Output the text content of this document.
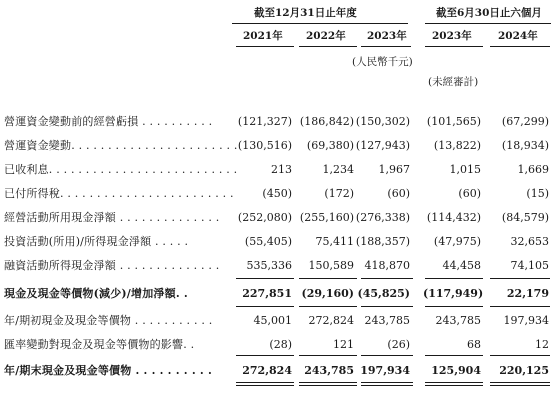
截至12月31日止年度	截至6月30日止六個月
2021年 2022年 2023年 2023年	2024年
(人民幣千元)
(未經審計)
營運資金變動前的經營虧損 . . . . . . . . . .	(121,327) (186,842) (150,302)	(101,565)	(67,299)
營運資金變動. . . . . . . . . . . . . . . . . . . . . . . (130,516)	(69,380) (127,943)	(13,822)	(18,934)
已收利息. . . . . . . . . . . . . . . . . . . . . . . . . .	213	1,234	1,967	1,015	1,669
已付所得稅. . . . . . . . . . . . . . . . . . . . . . . .	(450)	(172)	(60)	(60)	(15)
經營活動所用現金淨額 . . . . . . . . . . . . . .	(252,080) (255,160) (276,338)	(114,432)	(84,579)
投資活動(所用)/所得現金淨額 . . . . .	(55,405)	75,411 (188,357)	(47,975)	32,653
融資活動所得現金淨額 . . . . . . . . . . . . . .	535,336	150,589 418,870	44,458	74,105
現金及現金等價物(減少)/增加淨額. .	227,851 (29,160) (45,825) (117,949)	22,179
年/期初現金及現金等價物 . . . . . . . . . . .	45,001	272,824 243,785	243,785	197,934
匯率變動對現金及現金等價物的影響. .	(28)	121	(26)	68	12
年/期末現金及現金等價物 . . . . . . . . . .	272,824	243,785 197,934	125,904	220,125
